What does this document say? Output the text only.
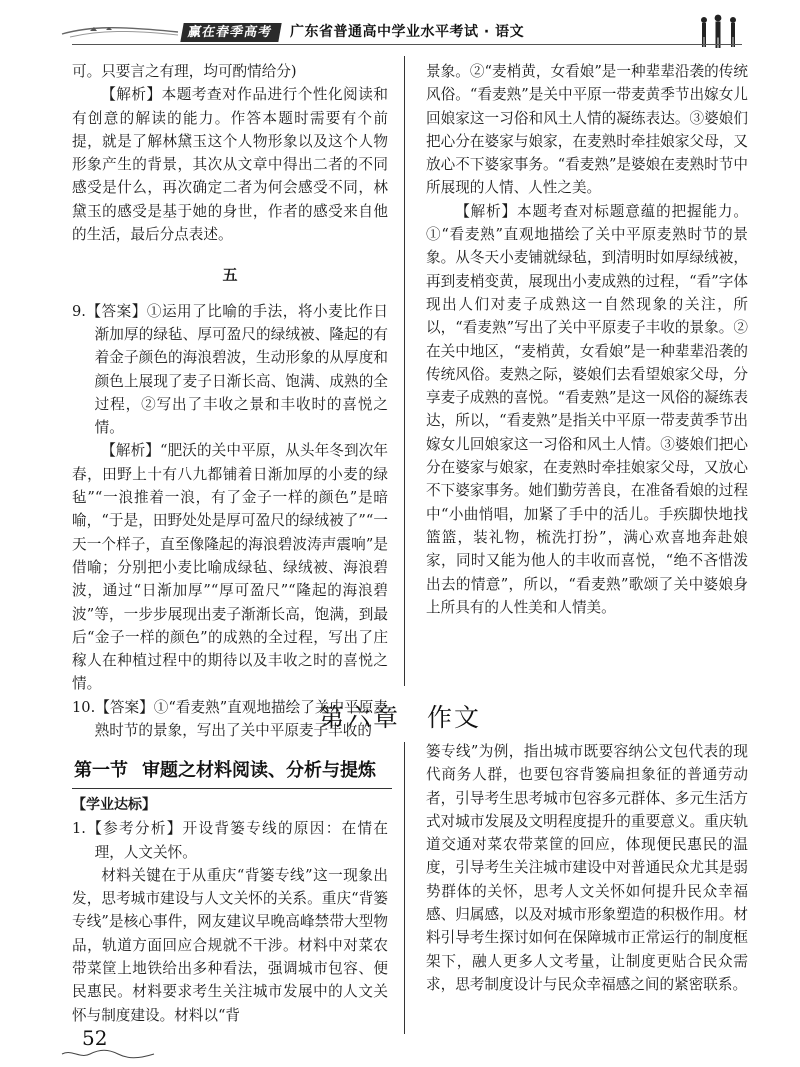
赢在春季高考	广东省普通高中学业水平考试 · 语文

可。只要言之有理，均可酌情给分)

【解析】本题考查对作品进行个性化阅读和有创意的解读的能力。作答本题时需要有个前提，就是了解林黛玉这个人物形象以及这个人物形象产生的背景，其次从文章中得出二者的不同感受是什么，再次确定二者为何会感受不同，林黛玉的感受是基于她的身世，作者的感受来自他的生活，最后分点表述。

五

9.【答案】①运用了比喻的手法，将小麦比作日渐加厚的绿毡、厚可盈尺的绿绒被、隆起的有着金子颜色的海浪碧波，生动形象的从厚度和颜色上展现了麦子日渐长高、饱满、成熟的全过程，②写出了丰收之景和丰收时的喜悦之情。

【解析】“肥沃的关中平原，从头年冬到次年春，田野上十有八九都铺着日渐加厚的小麦的绿毡”“一浪推着一浪，有了金子一样的颜色”是暗喻，“于是，田野处处是厚可盈尺的绿绒被了”“一天一个样子，直至像隆起的海浪碧波涛声震响”是借喻；分别把小麦比喻成绿毡、绿绒被、海浪碧波，通过“日渐加厚”“厚可盈尺”“隆起的海浪碧波”等，一步步展现出麦子渐渐长高，饱满，到最后“金子一样的颜色”的成熟的全过程，写出了庄稼人在种植过程中的期待以及丰收之时的喜悦之情。

10.【答案】①“看麦熟”直观地描绘了关中平原麦熟时节的景象，写出了关中平原麦子丰收的

景象。②“麦梢黄，女看娘”是一种辈辈沿袭的传统风俗。“看麦熟”是关中平原一带麦黄季节出嫁女儿回娘家这一习俗和风土人情的凝练表达。③婆娘们把心分在婆家与娘家，在麦熟时牵挂娘家父母，又放心不下婆家事务。“看麦熟”是婆娘在麦熟时节中所展现的人情、人性之美。

【解析】本题考查对标题意蕴的把握能力。①“看麦熟”直观地描绘了关中平原麦熟时节的景象。从冬天小麦铺就绿毡，到清明时如厚绿绒被，再到麦梢变黄，展现出小麦成熟的过程，“看”字体现出人们对麦子成熟这一自然现象的关注，所以，“看麦熟”写出了关中平原麦子丰收的景象。②在关中地区，“麦梢黄，女看娘”是一种辈辈沿袭的传统风俗。麦熟之际，婆娘们去看望娘家父母，分享麦子成熟的喜悦。“看麦熟”是这一风俗的凝练表达，所以，“看麦熟”是指关中平原一带麦黄季节出嫁女儿回娘家这一习俗和风土人情。③婆娘们把心分在婆家与娘家，在麦熟时牵挂娘家父母，又放心不下婆家事务。她们勤劳善良，在准备看娘的过程中“小曲悄唱，加紧了手中的活儿。手疾脚快地找篮篮，装礼物，梳洗打扮”，满心欢喜地奔赴娘家，同时又能为他人的丰收而喜悦，“绝不吝惜泼出去的情意”，所以，“看麦熟”歌颂了关中婆娘身上所具有的人性美和人情美。

第六章　作文
第一节 审题之材料阅读、分析与提炼

【学业达标】

1.【参考分析】开设背篓专线的原因：在情在理，人文关怀。

材料关键在于从重庆“背篓专线”这一现象出发，思考城市建设与人文关怀的关系。重庆“背篓专线”是核心事件，网友建议早晚高峰禁带大型物品，轨道方面回应合规就不干涉。材料中对菜农带菜筐上地铁给出多种看法，强调城市包容、便民惠民。材料要求考生关注城市发展中的人文关怀与制度建设。材料以“背

篓专线”为例，指出城市既要容纳公文包代表的现代商务人群，也要包容背篓扁担象征的普通劳动者，引导考生思考城市包容多元群体、多元生活方式对城市发展及文明程度提升的重要意义。重庆轨道交通对菜农带菜筐的回应，体现便民惠民的温度，引导考生关注城市建设中对普通民众尤其是弱势群体的关怀，思考人文关怀如何提升民众幸福感、归属感，以及对城市形象塑造的积极作用。材料引导考生探讨如何在保障城市正常运行的制度框架下，融人更多人文考量，让制度更贴合民众需求，思考制度设计与民众幸福感之间的紧密联系。

52
